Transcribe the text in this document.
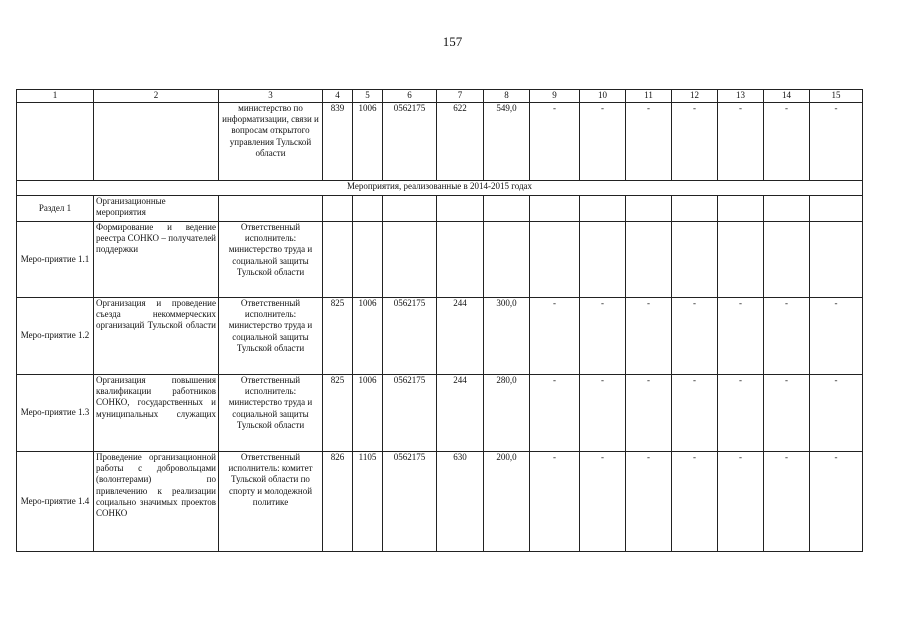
157
1	2	3	4	5	6	7	8	9	10	11	12	13	14	15
		министерство по информатизации, связи и вопросам открытого управления Тульской области	839	1006	0562175	622	549,0	-	-	-	-	-	-	-
Мероприятия, реализованные в 2014-2015 годах														
Раздел 1	Организационные мероприятия													
Меро-приятие 1.1	Формирование и ведение реестра СОНКО – получателей поддержки	Ответственный исполнитель: министерство труда и социальной защиты Тульской области												
Меро-приятие 1.2	Организация и проведение съезда некоммерческих организаций Тульской области	Ответственный исполнитель: министерство труда и социальной защиты Тульской области	825	1006	0562175	244	300,0	-	-	-	-	-	-	-
Меро-приятие 1.3	Организация повышения квалификации работников СОНКО, государственных и муниципальных служащих	Ответственный исполнитель: министерство труда и социальной защиты Тульской области	825	1006	0562175	244	280,0	-	-	-	-	-	-	-
Меро-приятие 1.4	Проведение организационной работы с добровольцами (волонтерами) по привлечению к реализации социально значимых проектов СОНКО	Ответственный исполнитель: комитет Тульской области по спорту и молодежной политике	826	1105	0562175	630	200,0	-	-	-	-	-	-	-
